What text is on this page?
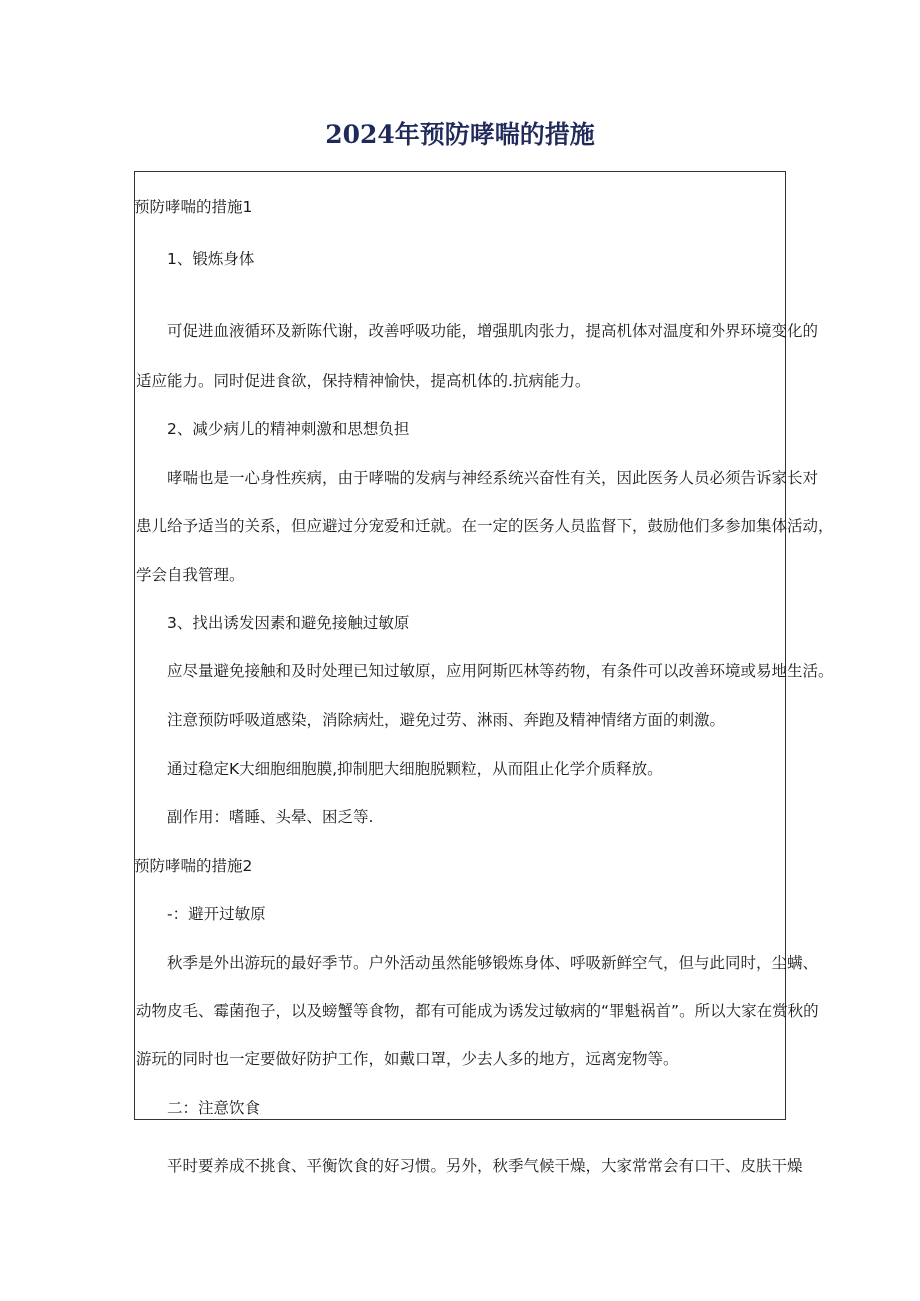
2024年预防哮喘的措施

预防哮喘的措施1

1、锻炼身体

可促进血液循环及新陈代谢，改善呼吸功能，增强肌肉张力，提高机体对温度和外界环境变化的

适应能力。同时促进食欲，保持精神愉快，提高机体的.抗病能力。

2、减少病儿的精神刺激和思想负担

哮喘也是一心身性疾病，由于哮喘的发病与神经系统兴奋性有关，因此医务人员必须告诉家长对

患儿给予适当的关系，但应避过分宠爱和迁就。在一定的医务人员监督下，鼓励他们多参加集体活动，

学会自我管理。

3、找出诱发因素和避免接触过敏原

应尽量避免接触和及时处理已知过敏原，应用阿斯匹林等药物，有条件可以改善环境或易地生活。

注意预防呼吸道感染，消除病灶，避免过劳、淋雨、奔跑及精神情绪方面的刺激。

通过稳定K大细胞细胞膜,抑制肥大细胞脱颗粒，从而阻止化学介质释放。

副作用：嗜睡、头晕、困乏等.

预防哮喘的措施2

-：避开过敏原

秋季是外出游玩的最好季节。户外活动虽然能够锻炼身体、呼吸新鲜空气，但与此同时，尘螨、

动物皮毛、霉菌孢子，以及螃蟹等食物，都有可能成为诱发过敏病的“罪魁祸首”。所以大家在赏秋的

游玩的同时也一定要做好防护工作，如戴口罩，少去人多的地方，远离宠物等。

二：注意饮食

平时要养成不挑食、平衡饮食的好习惯。另外，秋季气候干燥，大家常常会有口干、皮肤干燥
